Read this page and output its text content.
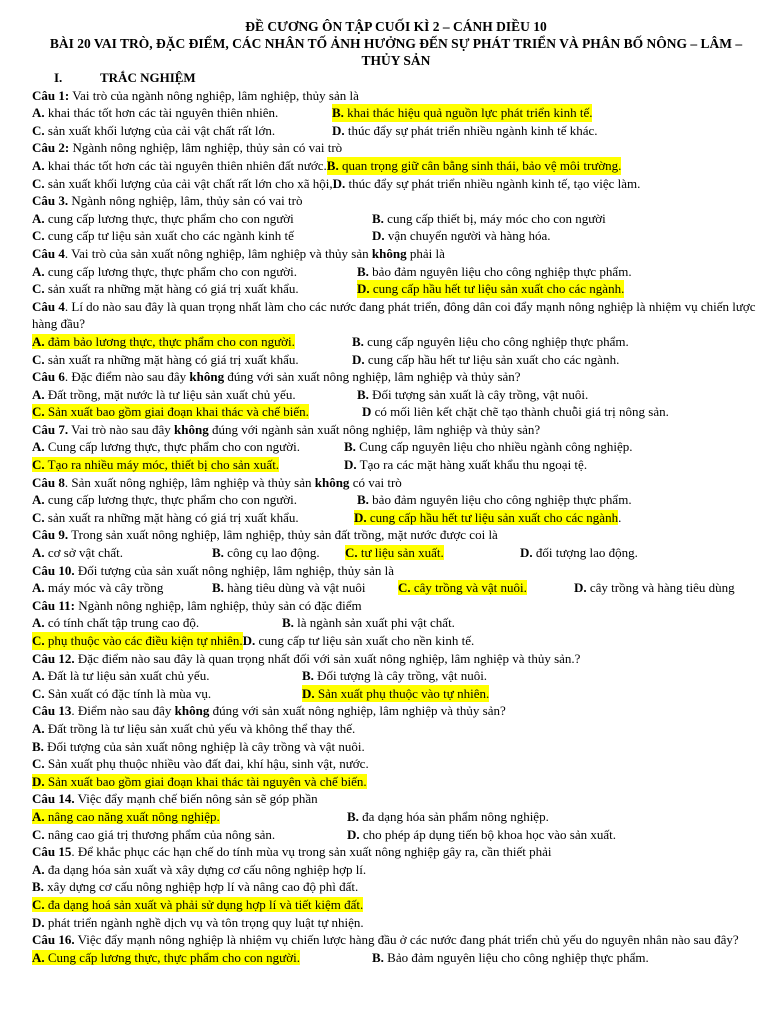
ĐỀ CƯƠNG ÔN TẬP CUỐI KÌ 2 – CÁNH DIỀU 10
BÀI 20 VAI TRÒ, ĐẶC ĐIỂM, CÁC NHÂN TỐ ẢNH HƯỞNG ĐẾN SỰ PHÁT TRIỂN VÀ PHÂN BỐ NÔNG – LÂM – THỦY SẢN
I.	TRẮC NGHIỆM
Câu 1: Vai trò của ngành nông nghiệp, lâm nghiệp, thủy sản là
A. khai thác tốt hơn các tài nguyên thiên nhiên.	B. khai thác hiệu quả nguồn lực phát triển kinh tế.
C. sản xuất khối lượng của cải vật chất rất lớn.	D. thúc đẩy sự phát triển nhiều ngành kinh tế khác.
Câu 2: Ngành nông nghiệp, lâm nghiệp, thủy sản có vai trò
A. khai thác tốt hơn các tài nguyên thiên nhiên đất nước. B. quan trọng giữ cân bằng sinh thái, bảo vệ môi trường.
C. sản xuất khối lượng của cải vật chất rất lớn cho xã hội, D. thúc đẩy sự phát triển nhiều ngành kinh tế, tạo việc làm.
Câu 3. Ngành nông nghiệp, lâm, thủy sản có vai trò
A. cung cấp lương thực, thực phẩm cho con người	B. cung cấp thiết bị, máy móc cho con người
C. cung cấp tư liệu sản xuất cho các ngành kinh tế	D. vận chuyển người và hàng hóa.
Câu 4. Vai trò của sản xuất nông nghiệp, lâm nghiệp và thủy sản không phải là
A. cung cấp lương thực, thực phẩm cho con người.	B. bảo đảm nguyên liệu cho công nghiệp thực phẩm.
C. sản xuất ra những mặt hàng có giá trị xuất khẩu.	D. cung cấp hầu hết tư liệu sản xuất cho các ngành.
Câu 4. Lí do nào sau đây là quan trọng nhất làm cho các nước đang phát triển, đông dân coi đẩy mạnh nông nghiệp là nhiệm vụ chiến lược hàng đầu?
A. đảm bảo lương thực, thực phẩm cho con người.	B. cung cấp nguyên liệu cho công nghiệp thực phẩm.
C. sản xuất ra những mặt hàng có giá trị xuất khẩu.	D. cung cấp hầu hết tư liệu sản xuất cho các ngành.
Câu 6. Đặc điểm nào sau đây không đúng với sản xuất nông nghiệp, lâm nghiệp và thủy sản?
A. Đất trồng, mặt nước là tư liệu sản xuất chủ yếu.	B. Đối tượng sản xuất là cây trồng, vật nuôi.
C. Sản xuất bao gồm giai đoạn khai thác và chế biến.	D có mối liên kết chặt chẽ tạo thành chuỗi giá trị nông sản.
Câu 7. Vai trò nào sau đây không đúng với ngành sản xuất nông nghiệp, lâm nghiệp và thủy sản?
A. Cung cấp lương thực, thực phẩm cho con người.	B. Cung cấp nguyên liệu cho nhiều ngành công nghiệp.
C. Tạo ra nhiều máy móc, thiết bị cho sản xuất.	D. Tạo ra các mặt hàng xuất khẩu thu ngoại tệ.
Câu 8. Sản xuất nông nghiệp, lâm nghiệp và thủy sản không có vai trò
A. cung cấp lương thực, thực phẩm cho con người.	B. bảo đảm nguyên liệu cho công nghiệp thực phẩm.
C. sản xuất ra những mặt hàng có giá trị xuất khẩu.	D. cung cấp hầu hết tư liệu sản xuất cho các ngành.
Câu 9. Trong sản xuất nông nghiệp, lâm nghiệp, thủy sản đất trồng, mặt nước được coi là
A. cơ sở vật chất.	B. công cụ lao động.	C. tư liệu sản xuất.	D. đối tượng lao động.
Câu 10. Đối tượng của sản xuất nông nghiệp, lâm nghiệp, thủy sản là
A. máy móc và cây trồng	B. hàng tiêu dùng và vật nuôi	C. cây trồng và vật nuôi.	D. cây trồng và hàng tiêu dùng
Câu 11: Ngành nông nghiệp, lâm nghiệp, thủy sản có đặc điểm
A. có tính chất tập trung cao độ.	B. là ngành sản xuất phi vật chất.
C. phụ thuộc vào các điều kiện tự nhiên. D. cung cấp tư liệu sản xuất cho nền kinh tế.
Câu 12. Đặc điểm nào sau đây là quan trọng nhất đối với sản xuất nông nghiệp, lâm nghiệp và thủy sản.?
A. Đất là tư liệu sản xuất chủ yếu.	B. Đối tượng là cây trồng, vật nuôi.
C. Sản xuất có đặc tính là mùa vụ.	D. Sản xuất phụ thuộc vào tự nhiên.
Câu 13. Điểm nào sau đây không đúng với sản xuất nông nghiệp, lâm nghiệp và thủy sản?
A. Đất trồng là tư liệu sản xuất chủ yếu và không thể thay thế.
B. Đối tượng của sản xuất nông nghiệp là cây trồng và vật nuôi.
C. Sản xuất phụ thuộc nhiều vào đất đai, khí hậu, sinh vật, nước.
D. Sản xuất bao gồm giai đoạn khai thác tài nguyên và chế biến.
Câu 14. Việc đẩy mạnh chế biến nông sản sẽ góp phần
A. nâng cao năng xuất nông nghiệp.	B. đa dạng hóa sản phẩm nông nghiệp.
C. nâng cao giá trị thương phẩm của nông sản.	D. cho phép áp dụng tiến bộ khoa học vào sản xuất.
Câu 15. Để khắc phục các hạn chế do tính mùa vụ trong sản xuất nông nghiệp gây ra, cần thiết phải
A. đa dạng hóa sản xuất và xây dựng cơ cấu nông nghiệp hợp lí.
B. xây dựng cơ cấu nông nghiệp hợp lí và nâng cao độ phì đất.
C. đa dạng hoá sản xuất và phải sử dụng hợp lí và tiết kiệm đất.
D. phát triển ngành nghề dịch vụ và tôn trọng quy luật tự nhiện.
Câu 16. Việc đẩy mạnh nông nghiệp là nhiệm vụ chiến lược hàng đầu ở các nước đang phát triển chủ yếu do nguyên nhân nào sau đây?
A. Cung cấp lương thực, thực phẩm cho con người.	B. Bảo đảm nguyên liệu cho công nghiệp thực phẩm.
